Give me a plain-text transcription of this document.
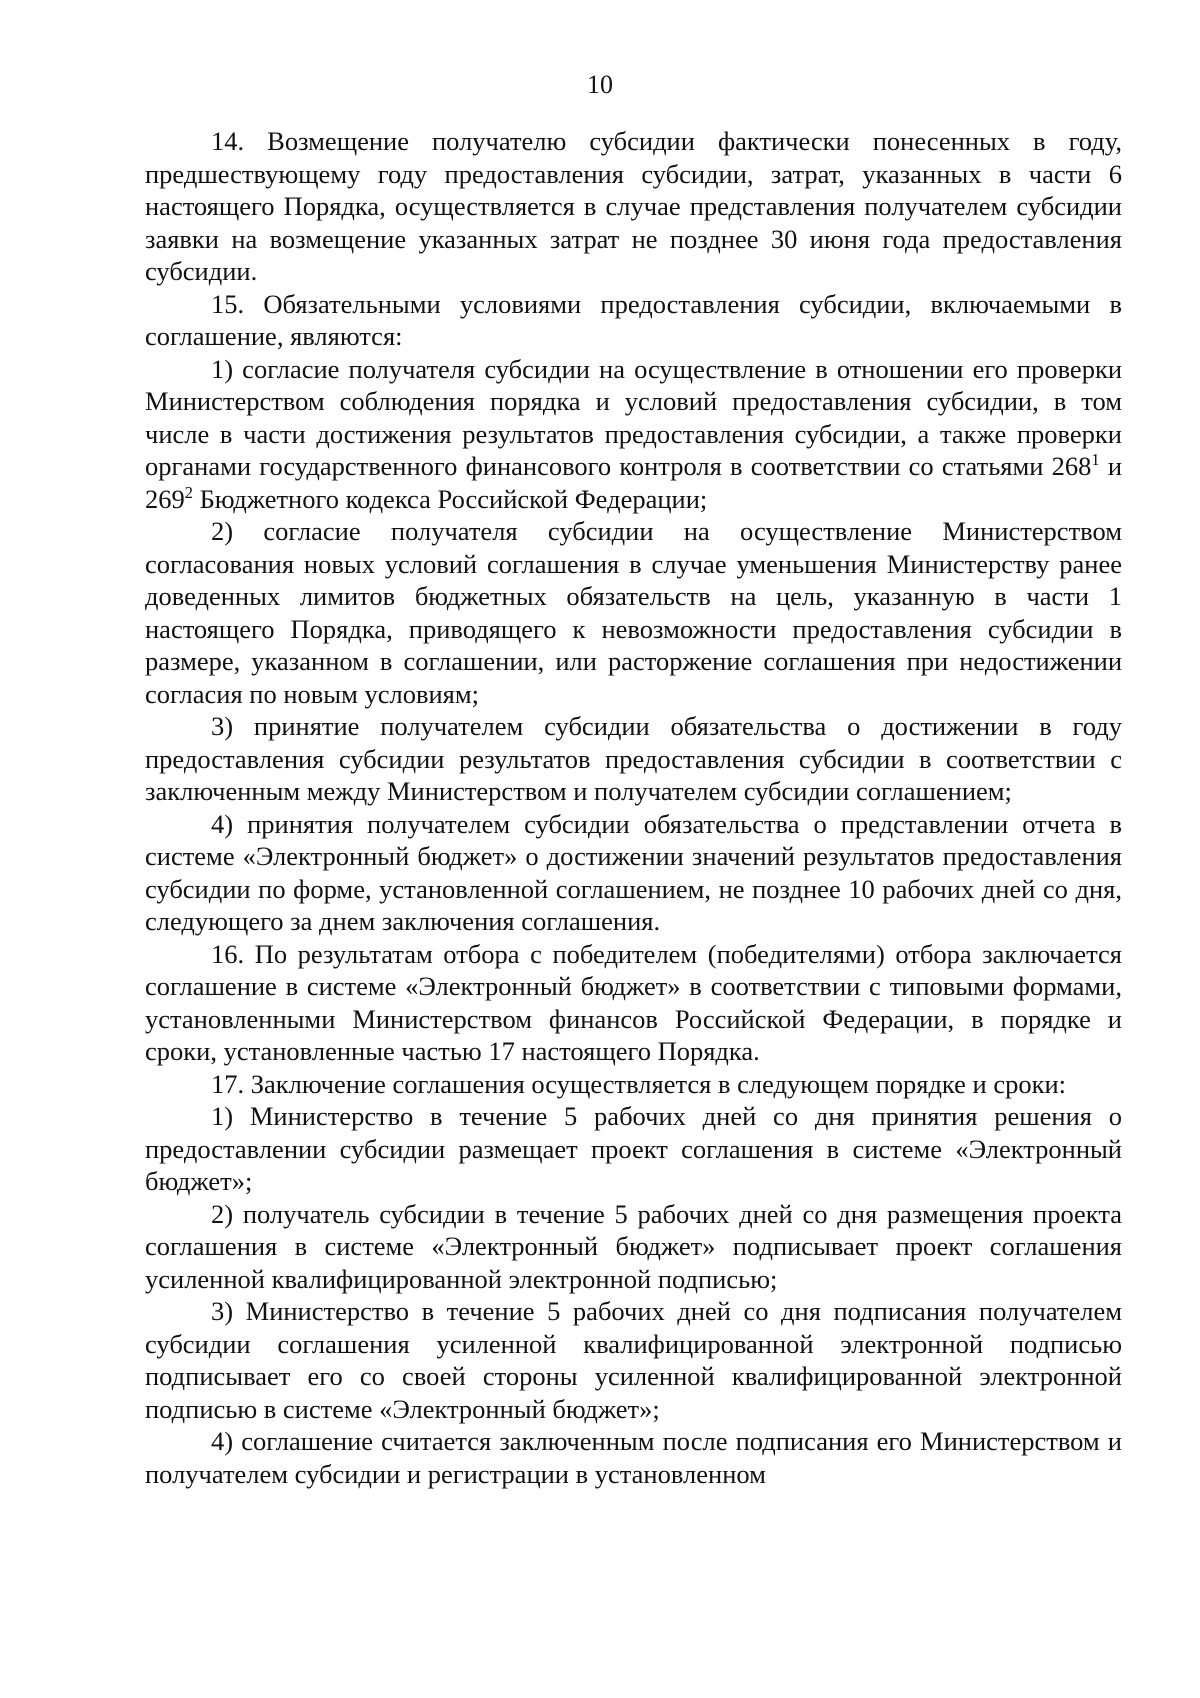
10

14. Возмещение получателю субсидии фактически понесенных в году, предшествующему году предоставления субсидии, затрат, указанных в части 6 настоящего Порядка, осуществляется в случае представления получателем субсидии заявки на возмещение указанных затрат не позднее 30 июня года предоставления субсидии.

15. Обязательными условиями предоставления субсидии, включаемыми в соглашение, являются:

1) согласие получателя субсидии на осуществление в отношении его проверки Министерством соблюдения порядка и условий предоставления субсидии, в том числе в части достижения результатов предоставления субсидии, а также проверки органами государственного финансового контроля в соответствии со статьями $268^1$ и $269^2$ Бюджетного кодекса Российской Федерации;

2) согласие получателя субсидии на осуществление Министерством согласования новых условий соглашения в случае уменьшения Министерству ранее доведенных лимитов бюджетных обязательств на цель, указанную в части 1 настоящего Порядка, приводящего к невозможности предоставления субсидии в размере, указанном в соглашении, или расторжение соглашения при недостижении согласия по новым условиям;

3) принятие получателем субсидии обязательства о достижении в году предоставления субсидии результатов предоставления субсидии в соответствии с заключенным между Министерством и получателем субсидии соглашением;

4) принятия получателем субсидии обязательства о представлении отчета в системе «Электронный бюджет» о достижении значений результатов предоставления субсидии по форме, установленной соглашением, не позднее 10 рабочих дней со дня, следующего за днем заключения соглашения.

16. По результатам отбора с победителем (победителями) отбора заключается соглашение в системе «Электронный бюджет» в соответствии с типовыми формами, установленными Министерством финансов Российской Федерации, в порядке и сроки, установленные частью 17 настоящего Порядка.

17. Заключение соглашения осуществляется в следующем порядке и сроки:

1) Министерство в течение 5 рабочих дней со дня принятия решения о предоставлении субсидии размещает проект соглашения в системе «Электронный бюджет»;

2) получатель субсидии в течение 5 рабочих дней со дня размещения проекта соглашения в системе «Электронный бюджет» подписывает проект соглашения усиленной квалифицированной электронной подписью;

3) Министерство в течение 5 рабочих дней со дня подписания получателем субсидии соглашения усиленной квалифицированной электронной подписью подписывает его со своей стороны усиленной квалифицированной электронной подписью в системе «Электронный бюджет»;

4) соглашение считается заключенным после подписания его Министерством и получателем субсидии и регистрации в установленном
